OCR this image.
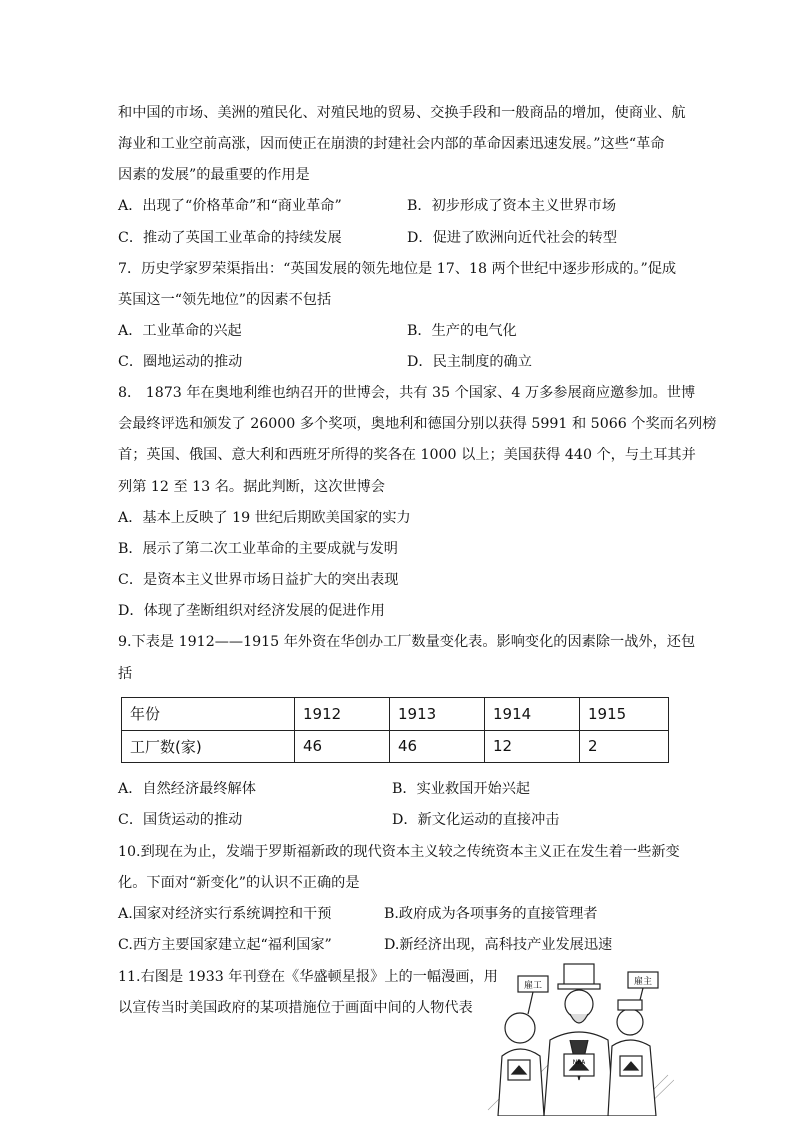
和中国的市场、美洲的殖民化、对殖民地的贸易、交换手段和一般商品的增加，使商业、航
海业和工业空前高涨，因而使正在崩溃的封建社会内部的革命因素迅速发展。”这些“革命
因素的发展”的最重要的作用是
A．出现了“价格革命”和“商业革命”	B．初步形成了资本主义世界市场
C．推动了英国工业革命的持续发展	D．促进了欧洲向近代社会的转型
7．历史学家罗荣渠指出：“英国发展的领先地位是 17、18 两个世纪中逐步形成的。”促成
英国这一“领先地位”的因素不包括
A．工业革命的兴起	B．生产的电气化
C．圈地运动的推动	D．民主制度的确立
8． 1873 年在奥地利维也纳召开的世博会，共有 35 个国家、4 万多参展商应邀参加。世博
会最终评选和颁发了 26000 多个奖项，奥地利和德国分别以获得 5991 和 5066 个奖而名列榜
首；英国、俄国、意大利和西班牙所得的奖各在 1000 以上；美国获得 440 个，与土耳其并
列第 12 至 13 名。据此判断，这次世博会
A．基本上反映了 19 世纪后期欧美国家的实力
B．展示了第二次工业革命的主要成就与发明
C．是资本主义世界市场日益扩大的突出表现
D．体现了垄断组织对经济发展的促进作用
9.下表是 1912——1915 年外资在华创办工厂数量变化表。影响变化的因素除一战外，还包
括
年份	1912	1913	1914	1915
工厂数(家)	46	46	12	2
A．自然经济最终解体	B．实业救国开始兴起
C．国货运动的推动	D．新文化运动的直接冲击
10.到现在为止，发端于罗斯福新政的现代资本主义较之传统资本主义正在发生着一些新变
化。下面对“新变化”的认识不正确的是
A.国家对经济实行系统调控和干预	B.政府成为各项事务的直接管理者
C.西方主要国家建立起“福利国家”	D.新经济出现，高科技产业发展迅速
11.右图是 1933 年刊登在《华盛顿星报》上的一幅漫画，用
以宣传当时美国政府的某项措施位于画面中间的人物代表
雇工
NRA
雇主
